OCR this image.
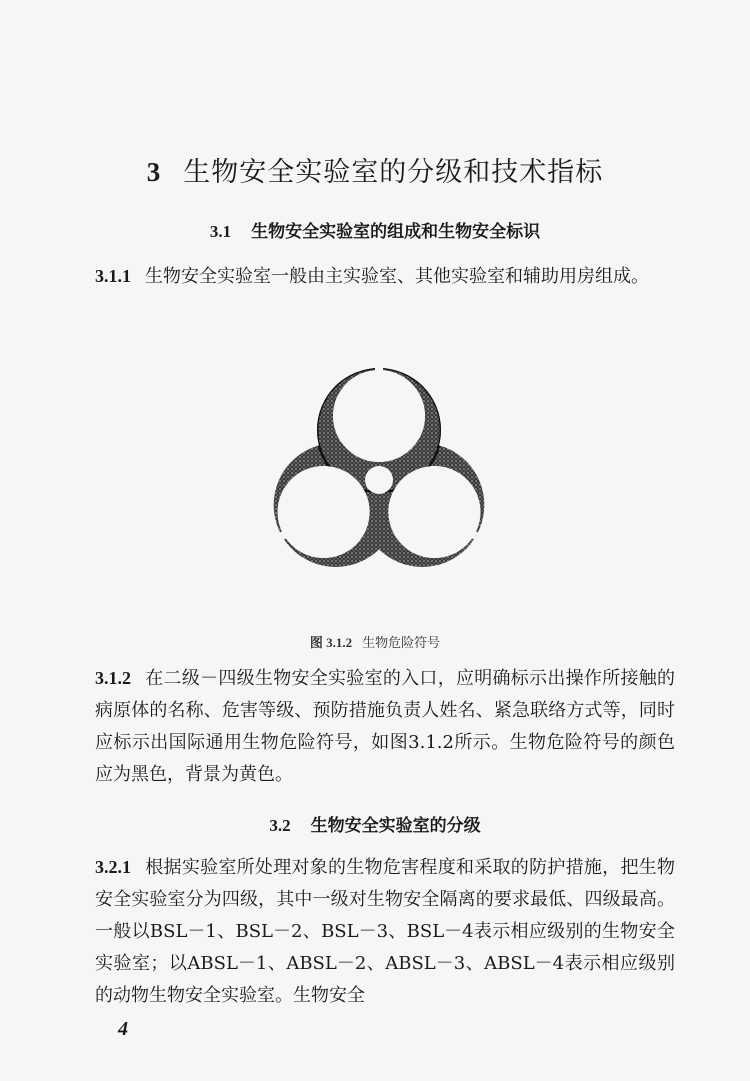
3 生物安全实验室的分级和技术指标
3.1 生物安全实验室的组成和生物安全标识
3.1.1 生物安全实验室一般由主实验室、其他实验室和辅助用房组成。
图 3.1.2 生物危险符号
3.1.2 在二级－四级生物安全实验室的入口，应明确标示出操作所接触的病原体的名称、危害等级、预防措施负责人姓名、紧急联络方式等，同时应标示出国际通用生物危险符号，如图3.1.2所示。生物危险符号的颜色应为黑色，背景为黄色。
3.2 生物安全实验室的分级
3.2.1 根据实验室所处理对象的生物危害程度和采取的防护措施，把生物安全实验室分为四级，其中一级对生物安全隔离的要求最低、四级最高。一般以BSL－1、BSL－2、BSL－3、BSL－4表示相应级别的生物安全实验室；以ABSL－1、ABSL－2、ABSL－3、ABSL－4表示相应级别的动物生物安全实验室。生物安全
4
